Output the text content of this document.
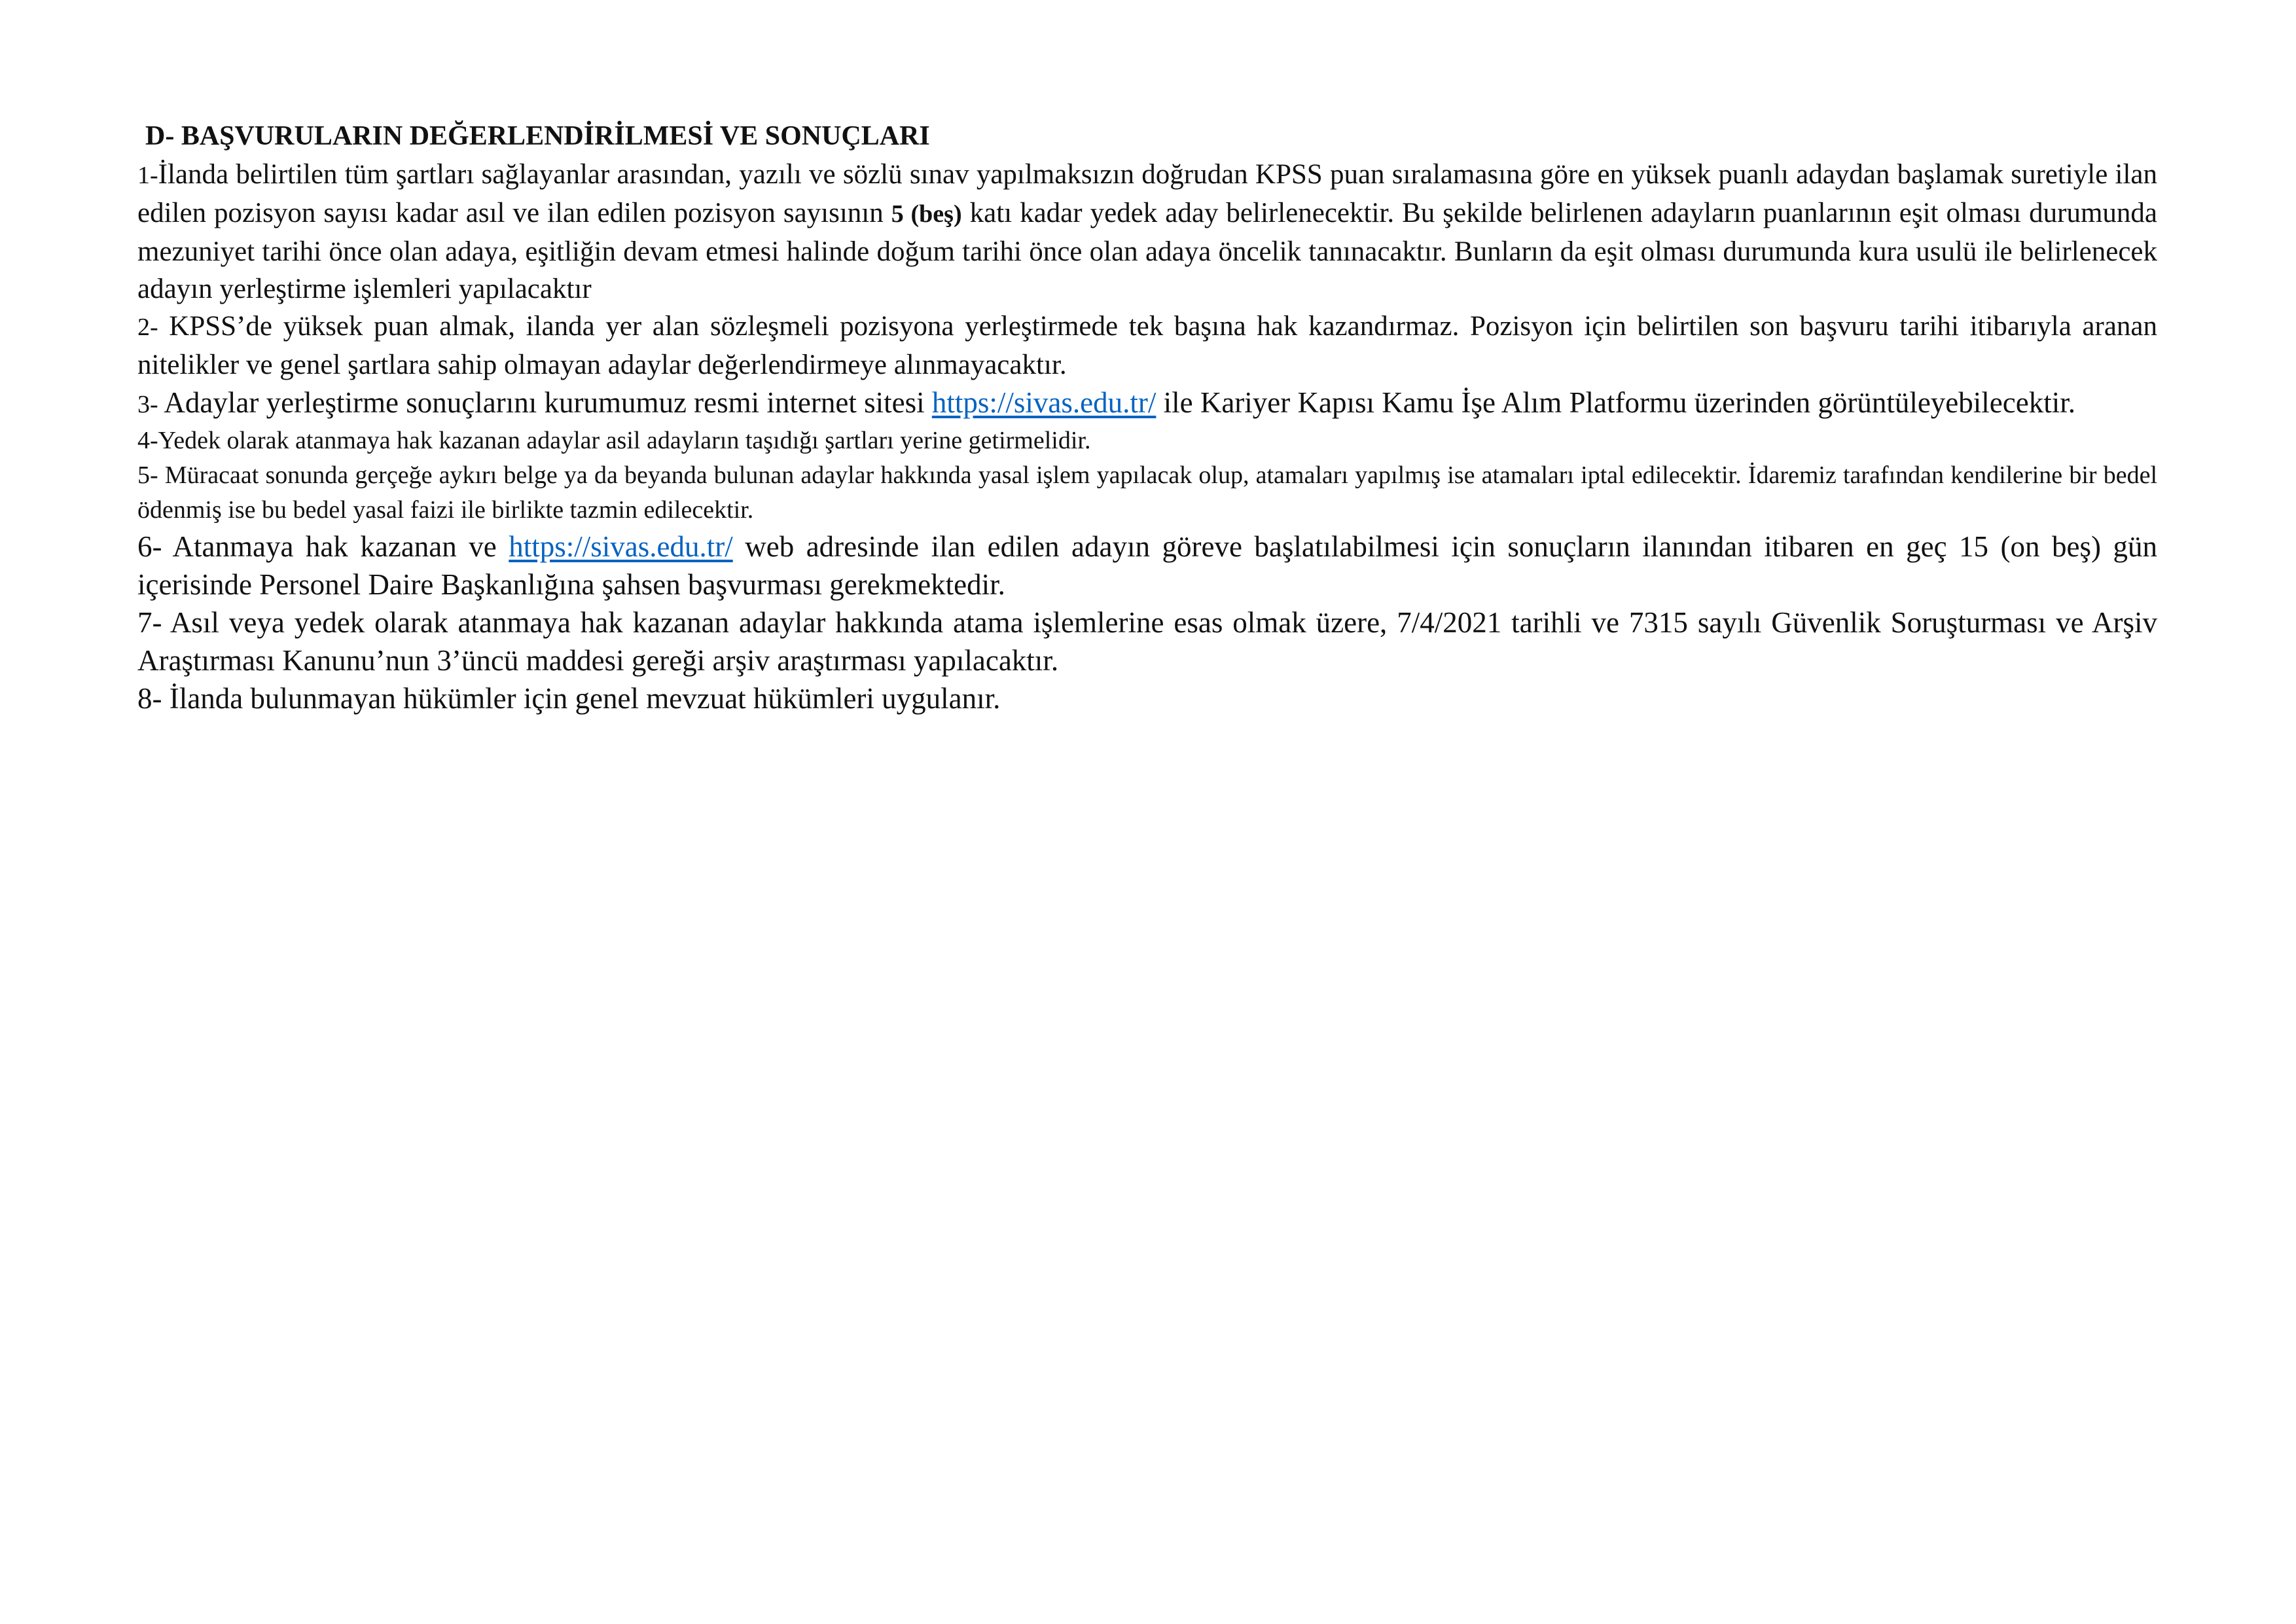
D- BAŞVURULARIN DEĞERLENDİRİLMESİ VE SONUÇLARI

1-İlanda belirtilen tüm şartları sağlayanlar arasından, yazılı ve sözlü sınav yapılmaksızın doğrudan KPSS puan sıralamasına göre en yüksek puanlı adaydan başlamak suretiyle ilan edilen pozisyon sayısı kadar asıl ve ilan edilen pozisyon sayısının 5 (beş) katı kadar yedek aday belirlenecektir. Bu şekilde belirlenen adayların puanlarının eşit olması durumunda mezuniyet tarihi önce olan adaya, eşitliğin devam etmesi halinde doğum tarihi önce olan adaya öncelik tanınacaktır. Bunların da eşit olması durumunda kura usulü ile belirlenecek adayın yerleştirme işlemleri yapılacaktır

2- KPSS’de yüksek puan almak, ilanda yer alan sözleşmeli pozisyona yerleştirmede tek başına hak kazandırmaz. Pozisyon için belirtilen son başvuru tarihi itibarıyla aranan nitelikler ve genel şartlara sahip olmayan adaylar değerlendirmeye alınmayacaktır.

3- Adaylar yerleştirme sonuçlarını kurumumuz resmi internet sitesi https://sivas.edu.tr/ ile Kariyer Kapısı Kamu İşe Alım Platformu üzerinden görüntüleyebilecektir.

4-Yedek olarak atanmaya hak kazanan adaylar asil adayların taşıdığı şartları yerine getirmelidir.

5- Müracaat sonunda gerçeğe aykırı belge ya da beyanda bulunan adaylar hakkında yasal işlem yapılacak olup, atamaları yapılmış ise atamaları iptal edilecektir. İdaremiz tarafından kendilerine bir bedel ödenmiş ise bu bedel yasal faizi ile birlikte tazmin edilecektir.

6- Atanmaya hak kazanan ve https://sivas.edu.tr/ web adresinde ilan edilen adayın göreve başlatılabilmesi için sonuçların ilanından itibaren en geç 15 (on beş) gün içerisinde Personel Daire Başkanlığına şahsen başvurması gerekmektedir.

7- Asıl veya yedek olarak atanmaya hak kazanan adaylar hakkında atama işlemlerine esas olmak üzere, 7/4/2021 tarihli ve 7315 sayılı Güvenlik Soruşturması ve Arşiv Araştırması Kanunu’nun 3’üncü maddesi gereği arşiv araştırması yapılacaktır.

8- İlanda bulunmayan hükümler için genel mevzuat hükümleri uygulanır.
